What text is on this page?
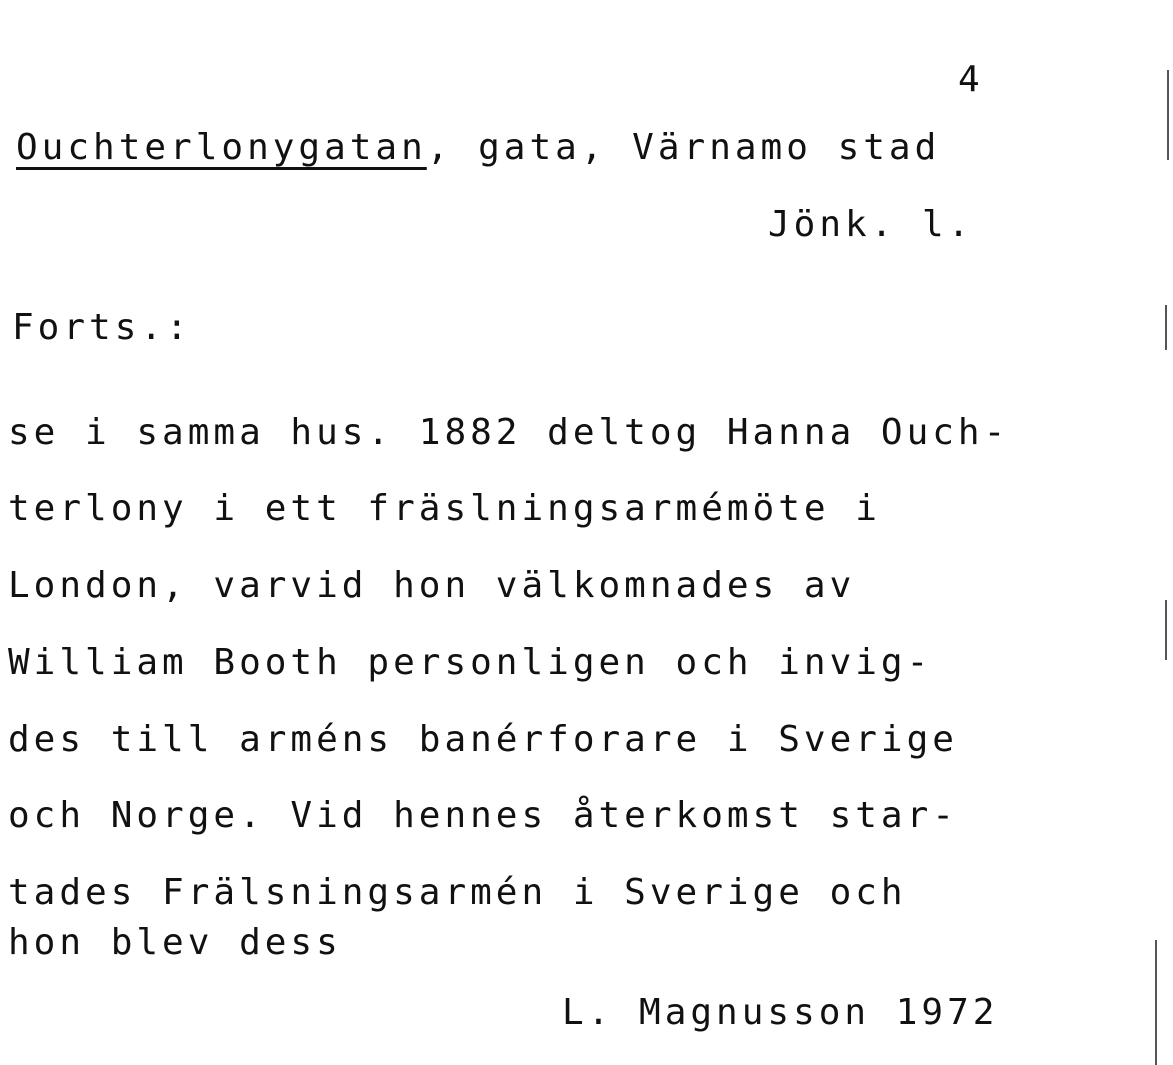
4
Ouchterlonygatan, gata, Värnamo stad
Jönk. l.
Forts.:
se i samma hus. 1882 deltog Hanna Ouch-
terlony i ett fräslningsarmémöte i
London, varvid hon välkomnades av
William Booth personligen och invig-
des till arméns banérforare i Sverige
och Norge. Vid hennes återkomst star-
tades Frälsningsarmén i Sverige och
hon blev dess
L. Magnusson 1972
